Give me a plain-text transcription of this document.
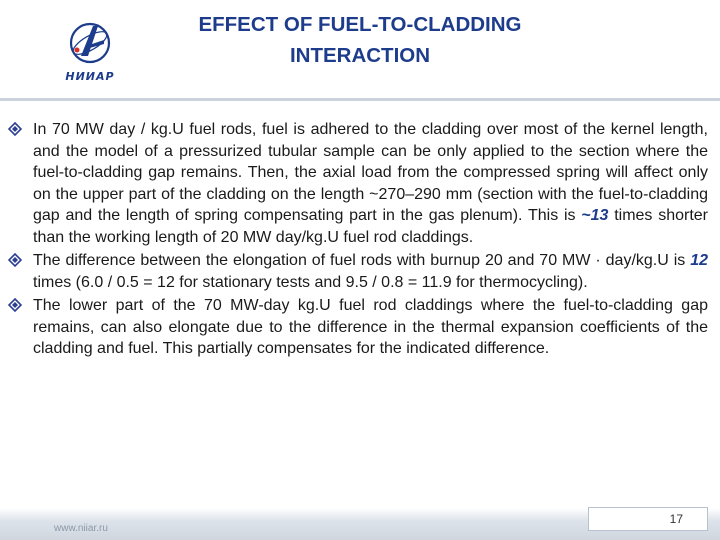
НИИАР
EFFECT OF FUEL-TO-CLADDING
INTERACTION
In 70 MW day / kg.U fuel rods, fuel is adhered to the cladding over most of the kernel length, and the model of a pressurized tubular sample can be only applied to the section where the fuel-to-cladding gap remains. Then, the axial load from the compressed spring will affect only on the upper part of the cladding on the length ~270–290 mm (section with the fuel-to-cladding gap and the length of spring compensating part in the gas plenum). This is ~13 times shorter than the working length of 20 MW day/kg.U fuel rod claddings.
The difference between the elongation of fuel rods with burnup 20 and 70 MW · day/kg.U is 12 times (6.0 / 0.5 = 12 for stationary tests and 9.5 / 0.8 = 11.9 for thermocycling).
The lower part of the 70 MW-day kg.U fuel rod claddings where the fuel-to-cladding gap remains, can also elongate due to the difference in the thermal expansion coefficients of the cladding and fuel. This partially compensates for the indicated difference.
www.niiar.ru
17
